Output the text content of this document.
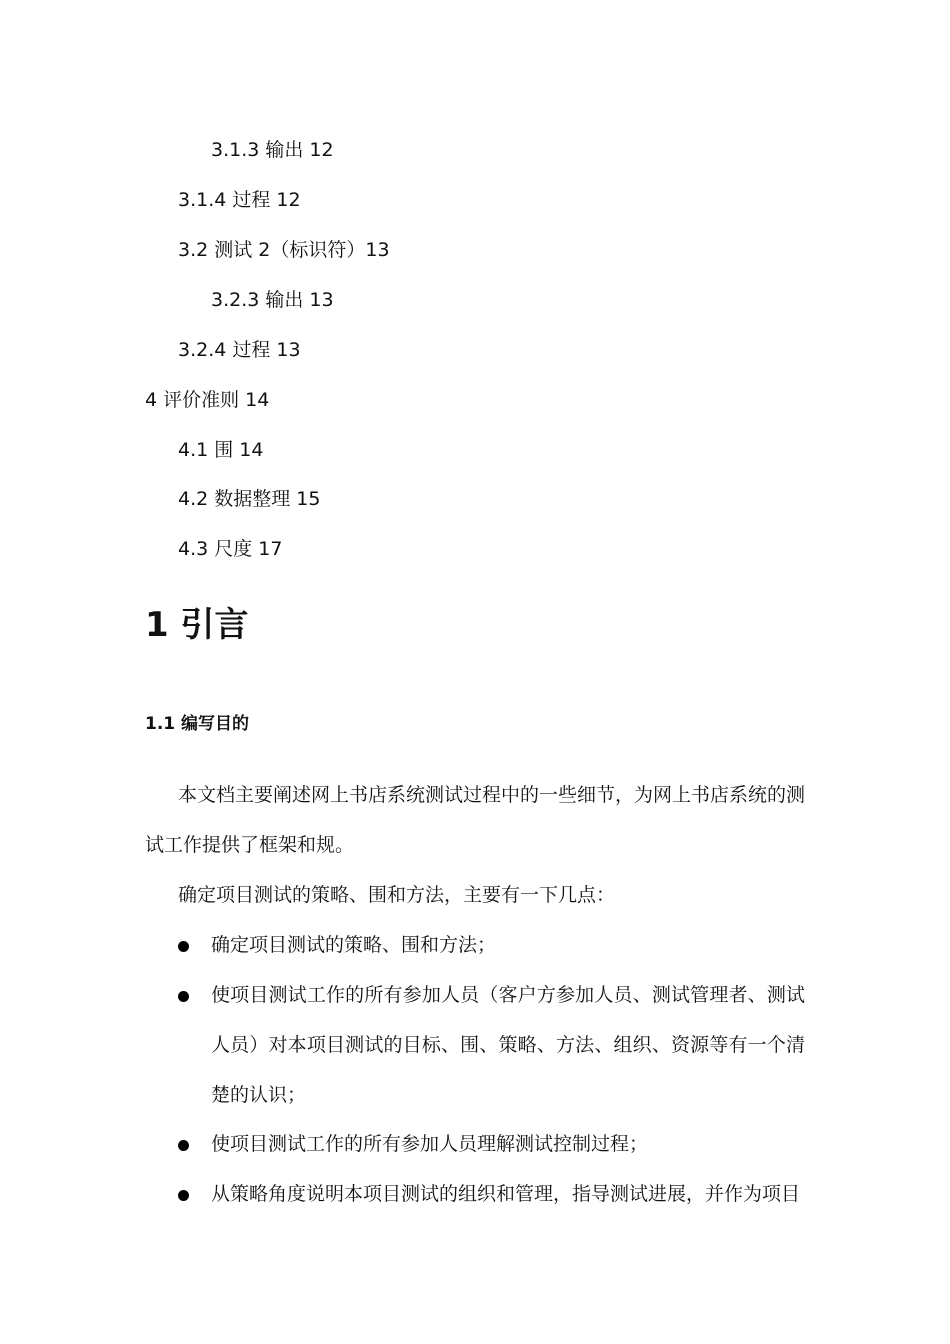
3.1.3 输出 12
3.1.4 过程 12
3.2 测试 2（标识符）13
3.2.3 输出 13
3.2.4 过程 13
4 评价准则 14
4.1 围 14
4.2 数据整理 15
4.3 尺度 17
1 引言
1.1 编写目的
本文档主要阐述网上书店系统测试过程中的一些细节，为网上书店系统的测试工作提供了框架和规。
确定项目测试的策略、围和方法，主要有一下几点：
确定项目测试的策略、围和方法；
使项目测试工作的所有参加人员（客户方参加人员、测试管理者、测试人员）对本项目测试的目标、围、策略、方法、组织、资源等有一个清楚的认识；
使项目测试工作的所有参加人员理解测试控制过程；
从策略角度说明本项目测试的组织和管理，指导测试进展，并作为项目
